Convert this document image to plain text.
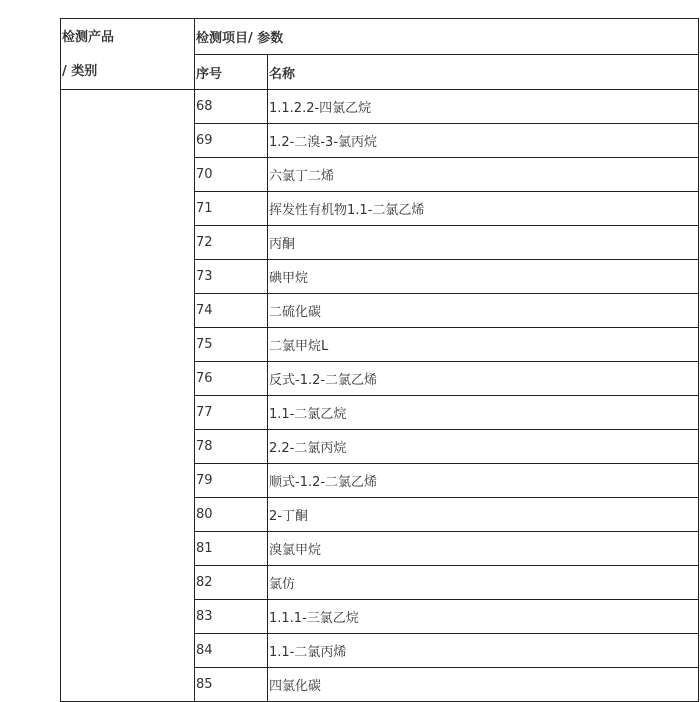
检测产品
/ 类别	检测项目/ 参数	
	序号	名称
	68	1.1.2.2-四氯乙烷
	69	1.2-二溴-3-氯丙烷
	70	六氯丁二烯
	71	挥发性有机物1.1-二氯乙烯
	72	丙酮
	73	碘甲烷
	74	二硫化碳
	75	二氯甲烷L
	76	反式-1.2-二氯乙烯
	77	1.1-二氯乙烷
	78	2.2-二氯丙烷
	79	顺式-1.2-二氯乙烯
	80	2-丁酮
	81	溴氯甲烷
	82	氯仿
	83	1.1.1-三氯乙烷
	84	1.1-二氯丙烯
	85	四氯化碳
